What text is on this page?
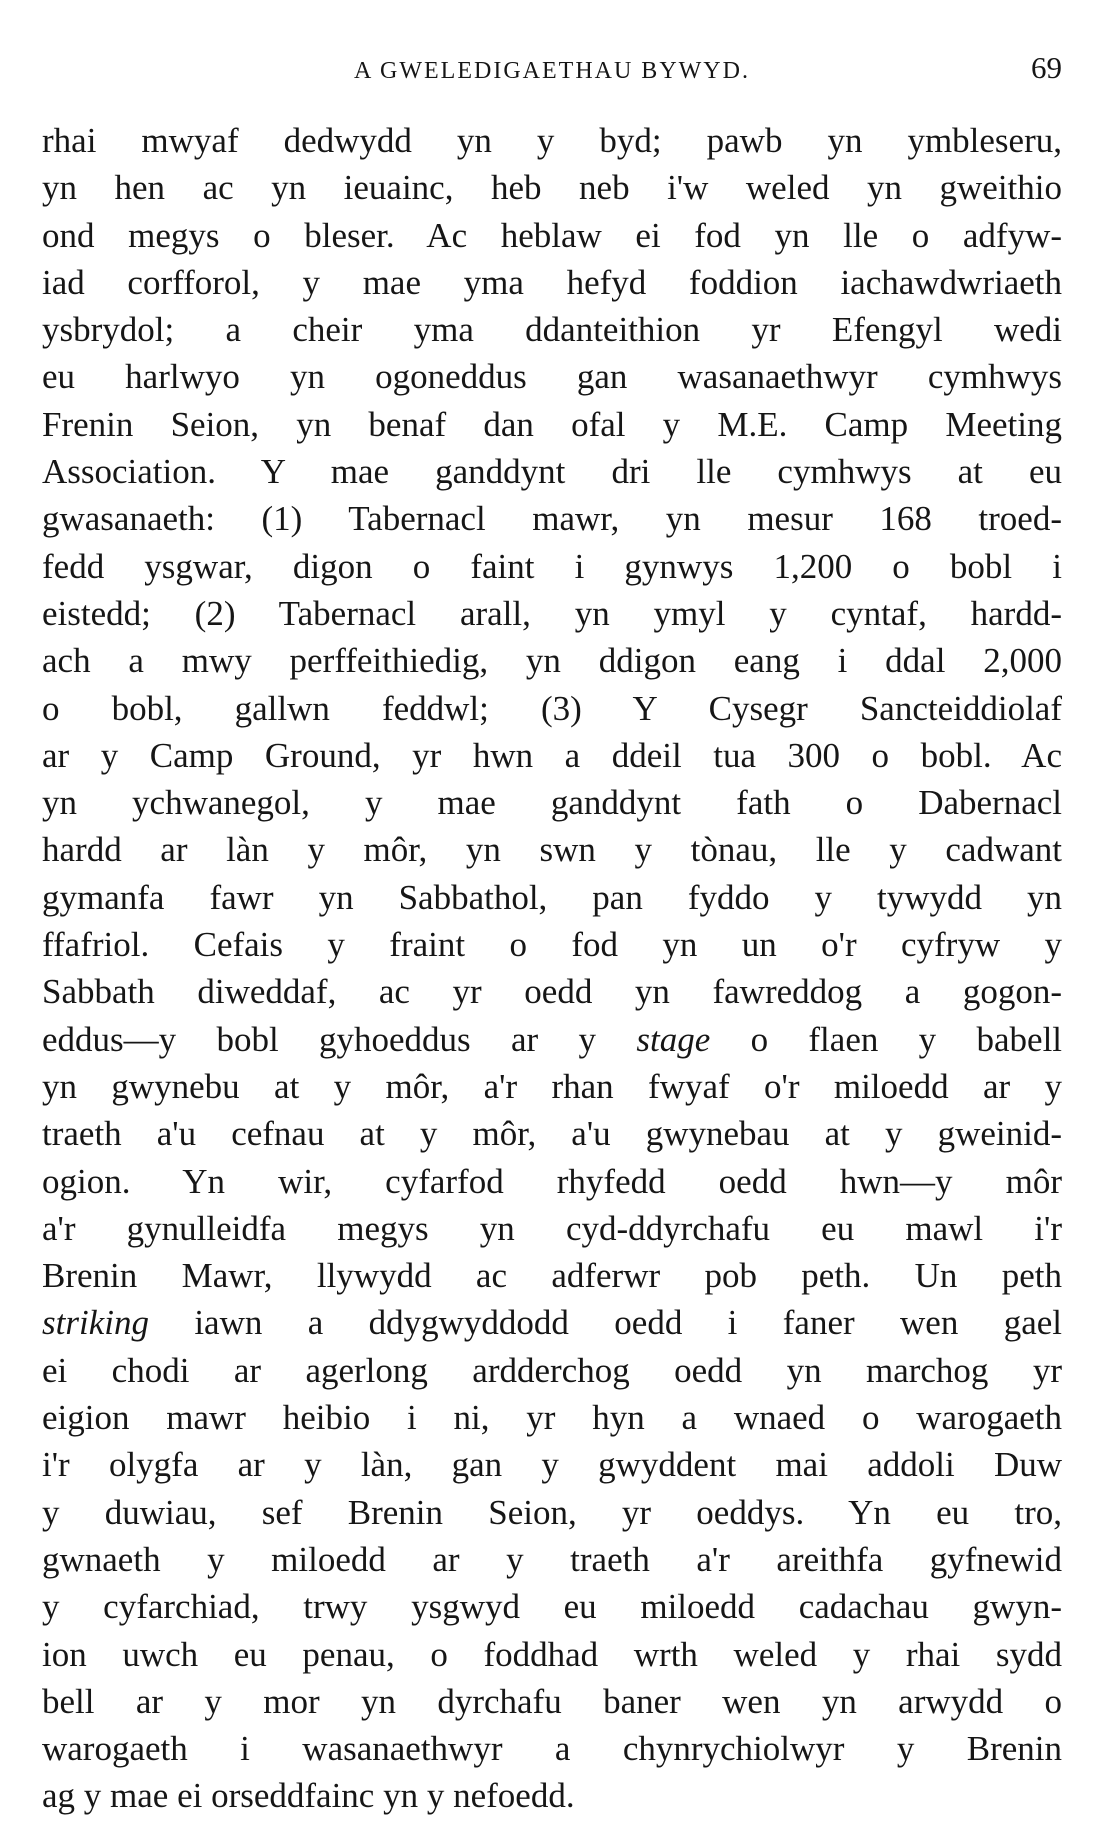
A GWELEDIGAETHAU BYWYD.	69
rhai mwyaf dedwydd yn y byd; pawb yn ymbleseru,
yn hen ac yn ieuainc, heb neb i'w weled yn gweithio
ond megys o bleser. Ac heblaw ei fod yn lle o adfyw-
iad corfforol, y mae yma hefyd foddion iachawdwriaeth
ysbrydol; a cheir yma ddanteithion yr Efengyl wedi
eu harlwyo yn ogoneddus gan wasanaethwyr cymhwys
Frenin Seion, yn benaf dan ofal y M.E. Camp Meeting
Association. Y mae ganddynt dri lle cymhwys at eu
gwasanaeth: (1) Tabernacl mawr, yn mesur 168 troed-
fedd ysgwar, digon o faint i gynwys 1,200 o bobl i
eistedd; (2) Tabernacl arall, yn ymyl y cyntaf, hardd-
ach a mwy perffeithiedig, yn ddigon eang i ddal 2,000
o bobl, gallwn feddwl; (3) Y Cysegr Sancteiddiolaf
ar y Camp Ground, yr hwn a ddeil tua 300 o bobl. Ac
yn ychwanegol, y mae ganddynt fath o Dabernacl
hardd ar làn y môr, yn swn y tònau, lle y cadwant
gymanfa fawr yn Sabbathol, pan fyddo y tywydd yn
ffafriol. Cefais y fraint o fod yn un o'r cyfryw y
Sabbath diweddaf, ac yr oedd yn fawreddog a gogon-
eddus—y bobl gyhoeddus ar y stage o flaen y babell
yn gwynebu at y môr, a'r rhan fwyaf o'r miloedd ar y
traeth a'u cefnau at y môr, a'u gwynebau at y gweinid-
ogion. Yn wir, cyfarfod rhyfedd oedd hwn—y môr
a'r gynulleidfa megys yn cyd-ddyrchafu eu mawl i'r
Brenin Mawr, llywydd ac adferwr pob peth. Un peth
striking iawn a ddygwyddodd oedd i faner wen gael
ei chodi ar agerlong ardderchog oedd yn marchog yr
eigion mawr heibio i ni, yr hyn a wnaed o warogaeth
i'r olygfa ar y làn, gan y gwyddent mai addoli Duw
y duwiau, sef Brenin Seion, yr oeddys. Yn eu tro,
gwnaeth y miloedd ar y traeth a'r areithfa gyfnewid
y cyfarchiad, trwy ysgwyd eu miloedd cadachau gwyn-
ion uwch eu penau, o foddhad wrth weled y rhai sydd
bell ar y mor yn dyrchafu baner wen yn arwydd o
warogaeth i wasanaethwyr a chynrychiolwyr y Brenin
ag y mae ei orseddfainc yn y nefoedd.
